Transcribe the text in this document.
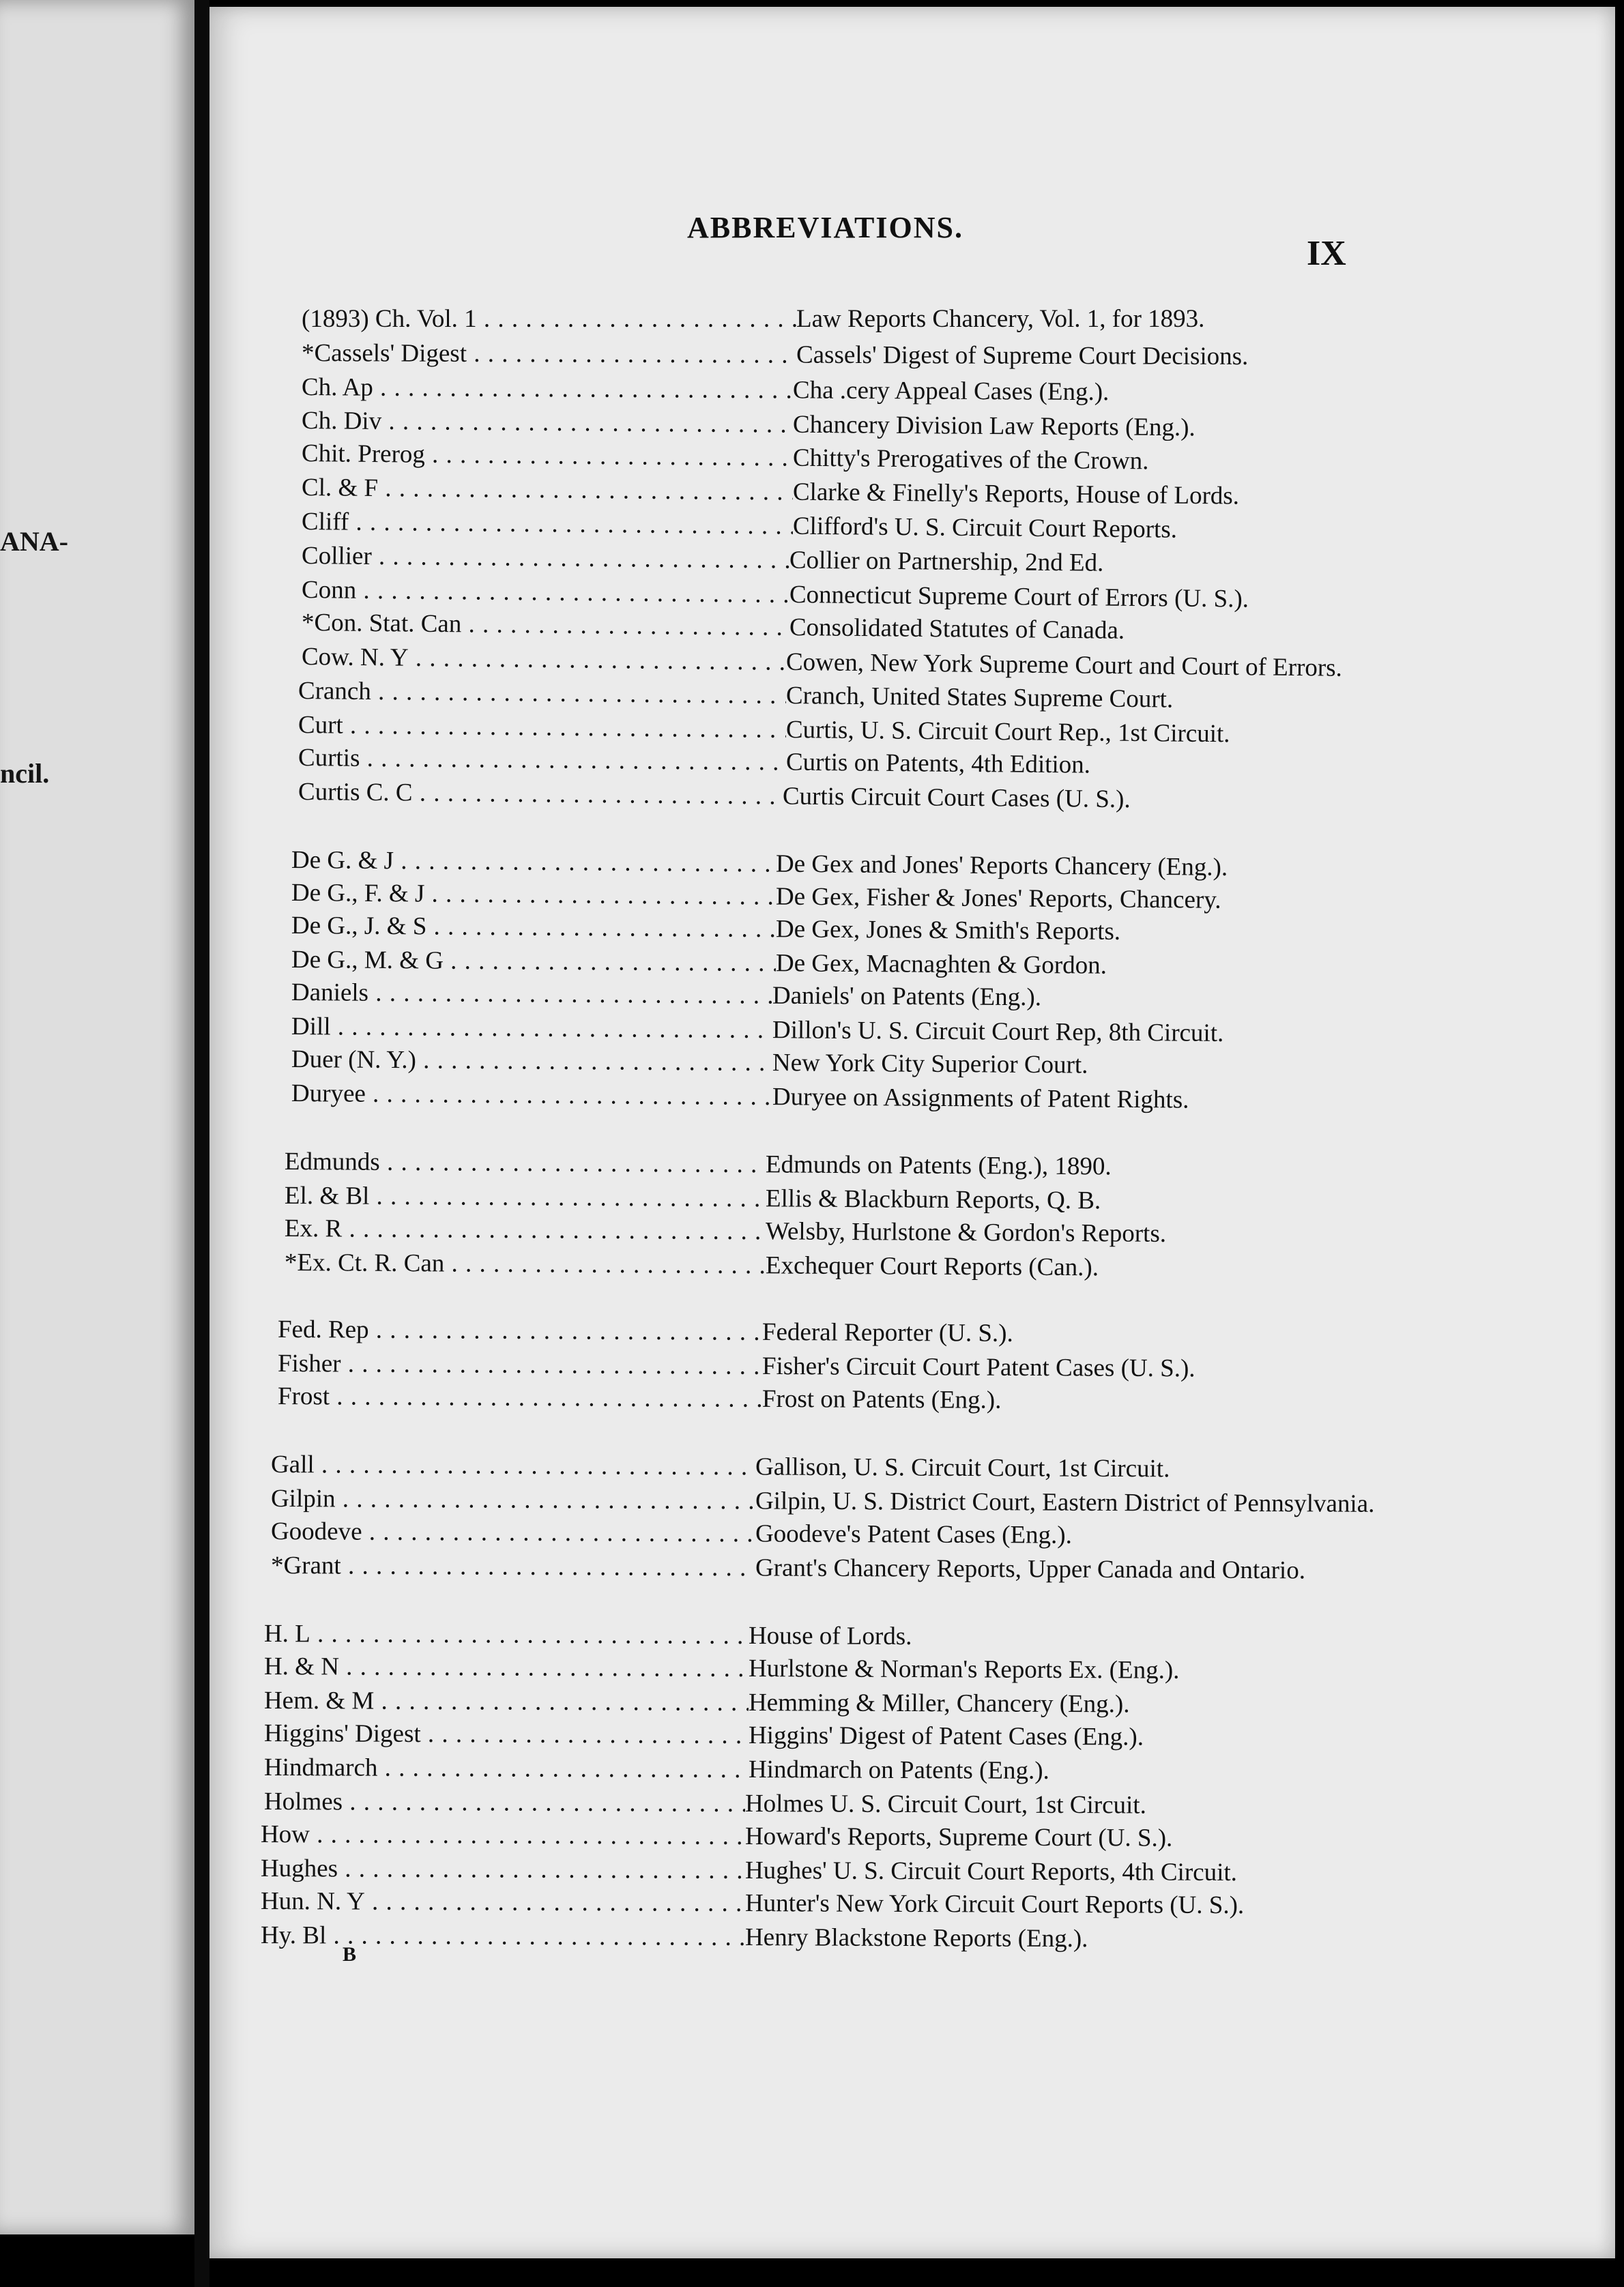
ANA-
ncil.
ABBREVIATIONS.
IX
(1893) Ch. Vol. 1 . . .	Law Reports Chancery, Vol. 1, for 1893.
*Cassels' Digest . . .	Cassels' Digest of Supreme Court Decisions.
Ch. Ap . . .	Cha .cery Appeal Cases (Eng.).
Ch. Div . . .	Chancery Division Law Reports (Eng.).
Chit. Prerog . . .	Chitty's Prerogatives of the Crown.
Cl. & F . . .	Clarke & Finelly's Reports, House of Lords.
Cliff . . .	Clifford's U. S. Circuit Court Reports.
Collier . . .	Collier on Partnership, 2nd Ed.
Conn . . .	Connecticut Supreme Court of Errors (U. S.).
*Con. Stat. Can . . .	Consolidated Statutes of Canada.
Cow. N. Y . . .	Cowen, New York Supreme Court and Court of Errors.
Cranch . . .	Cranch, United States Supreme Court.
Curt . . .	Curtis, U. S. Circuit Court Rep., 1st Circuit.
Curtis . . .	Curtis on Patents, 4th Edition.
Curtis C. C . . .	Curtis Circuit Court Cases (U. S.).
De G. & J . . .	De Gex and Jones' Reports Chancery (Eng.).
De G., F. & J . . .	De Gex, Fisher & Jones' Reports, Chancery.
De G., J. & S . . .	De Gex, Jones & Smith's Reports.
De G., M. & G . . .	De Gex, Macnaghten & Gordon.
Daniels . . .	Daniels' on Patents (Eng.).
Dill . . .	Dillon's U. S. Circuit Court Rep, 8th Circuit.
Duer (N. Y.) . . .	New York City Superior Court.
Duryee . . .	Duryee on Assignments of Patent Rights.
Edmunds . . .	Edmunds on Patents (Eng.), 1890.
El. & Bl . . .	Ellis & Blackburn Reports, Q. B.
Ex. R . . .	Welsby, Hurlstone & Gordon's Reports.
*Ex. Ct. R. Can . . .	Exchequer Court Reports (Can.).
Fed. Rep . . .	Federal Reporter (U. S.).
Fisher . . .	Fisher's Circuit Court Patent Cases (U. S.).
Frost . . .	Frost on Patents (Eng.).
Gall . . .	Gallison, U. S. Circuit Court, 1st Circuit.
Gilpin . . .	Gilpin, U. S. District Court, Eastern District of Pennsylvania.
Goodeve . . .	Goodeve's Patent Cases (Eng.).
*Grant . . .	Grant's Chancery Reports, Upper Canada and Ontario.
H. L . . .	House of Lords.
H. & N . . .	Hurlstone & Norman's Reports Ex. (Eng.).
Hem. & M . . .	Hemming & Miller, Chancery (Eng.).
Higgins' Digest . . .	Higgins' Digest of Patent Cases (Eng.).
Hindmarch . . .	Hindmarch on Patents (Eng.).
Holmes . . .	Holmes U. S. Circuit Court, 1st Circuit.
How . . .	Howard's Reports, Supreme Court (U. S.).
Hughes . . .	Hughes' U. S. Circuit Court Reports, 4th Circuit.
Hun. N. Y . . .	Hunter's New York Circuit Court Reports (U. S.).
Hy. Bl . . .	Henry Blackstone Reports (Eng.).
B
